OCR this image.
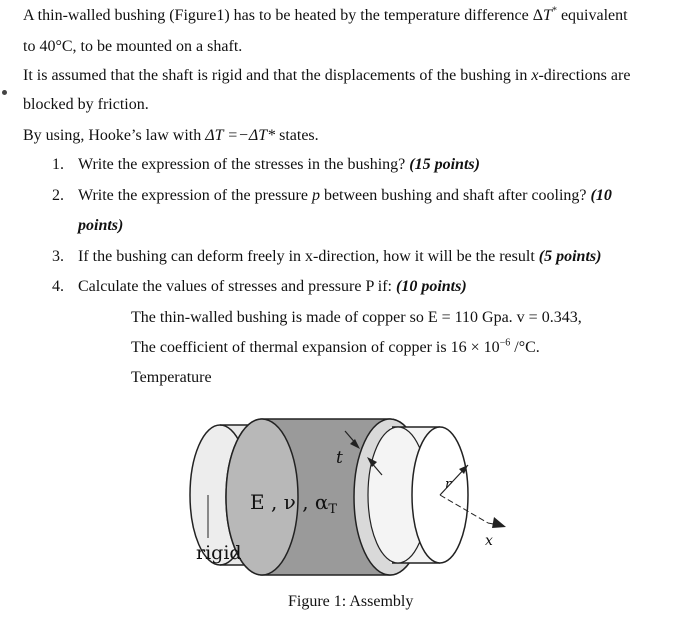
A thin-walled bushing (Figure1) has to be heated by the temperature difference ΔT* equivalent
to 40°C, to be mounted on a shaft.
It is assumed that the shaft is rigid and that the displacements of the bushing in x-directions are
blocked by friction.
By using, Hooke’s law with ΔT =−ΔT* states.
1. Write the expression of the stresses in the bushing? (15 points)
2. Write the expression of the pressure p between bushing and shaft after cooling? (10
points)
3. If the bushing can deform freely in x-direction, how it will be the result (5 points)
4. Calculate the values of stresses and pressure P if: (10 points)
The thin-walled bushing is made of copper so E = 110 Gpa. v = 0.343,
The coefficient of thermal expansion of copper is $16 \times 10^{-6}$ /°C.
Temperature
E , ν , $\alpha_T$
t
r
x
rigid
Figure 1: Assembly
